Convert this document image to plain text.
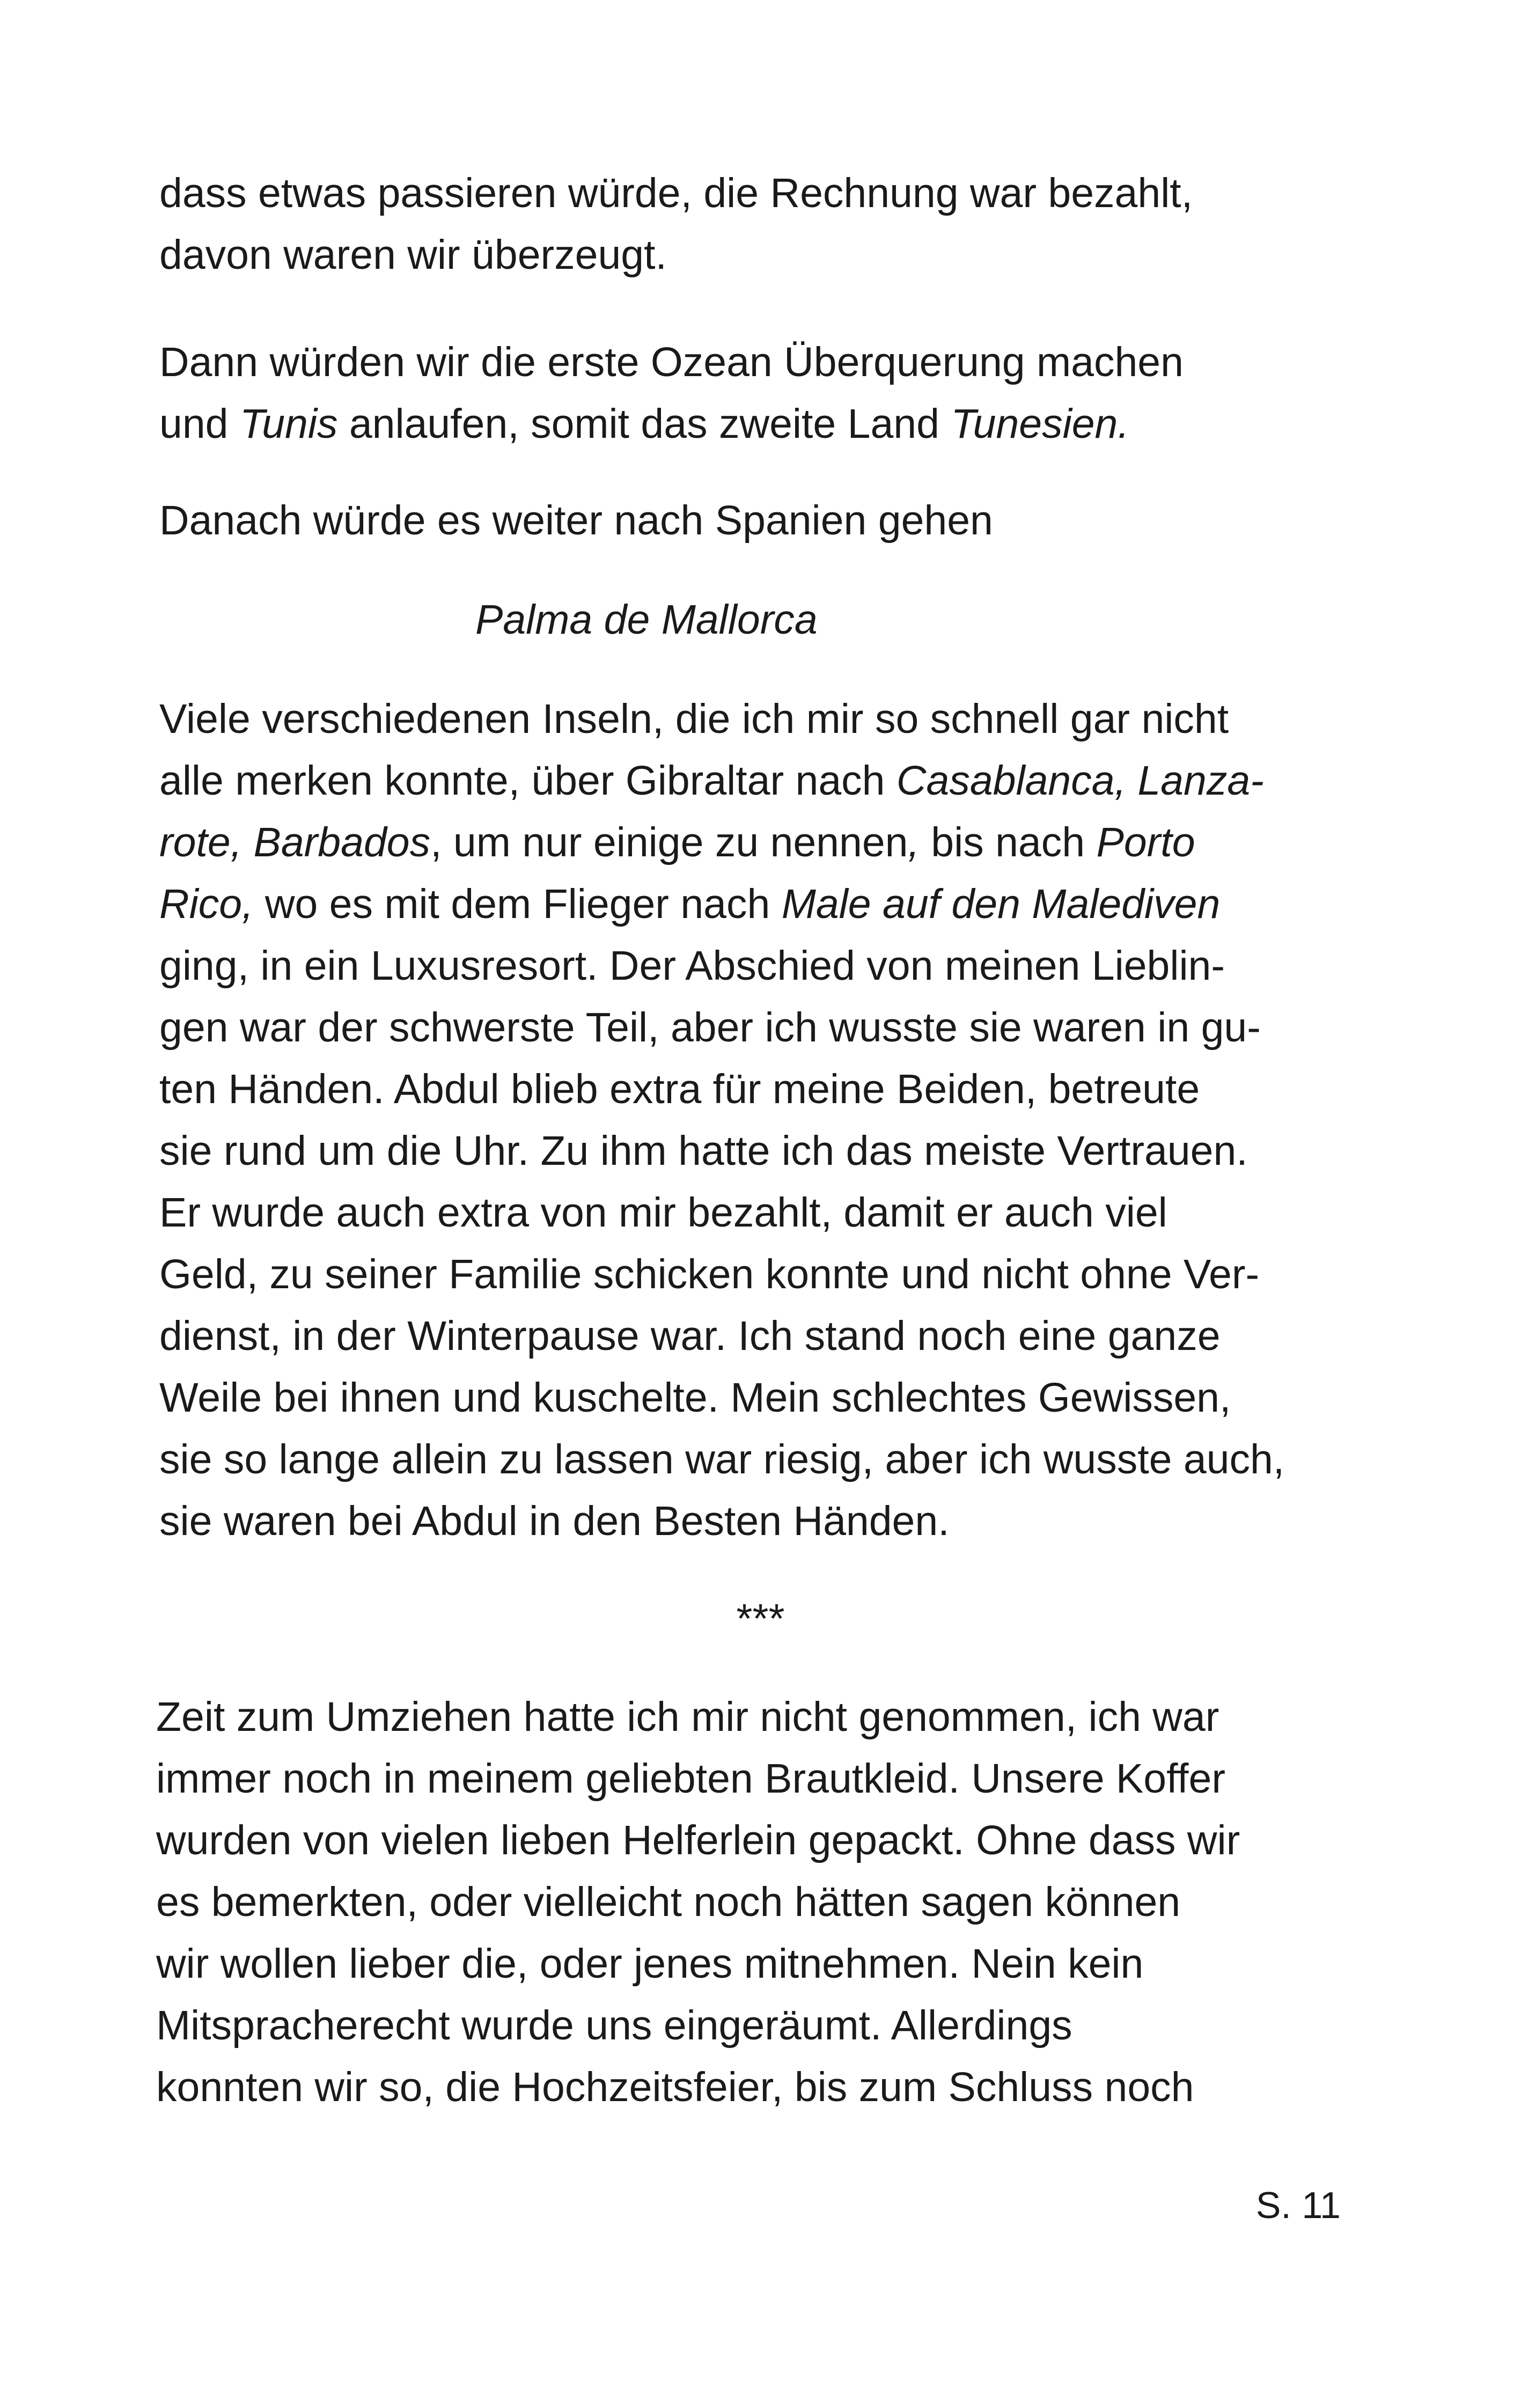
dass etwas passieren würde, die Rechnung war bezahlt,

davon waren wir überzeugt.

Dann würden wir die erste Ozean Überquerung machen

und Tunis anlaufen, somit das zweite Land Tunesien.

Danach würde es weiter nach Spanien gehen

Palma de Mallorca

Viele verschiedenen Inseln, die ich mir so schnell gar nicht

alle merken konnte, über Gibraltar nach Casablanca, Lanza-

rote, Barbados, um nur einige zu nennen, bis nach Porto

Rico, wo es mit dem Flieger nach Male auf den Malediven

ging, in ein Luxusresort. Der Abschied von meinen Lieblin-

gen war der schwerste Teil, aber ich wusste sie waren in gu-

ten Händen. Abdul blieb extra für meine Beiden, betreute

sie rund um die Uhr. Zu ihm hatte ich das meiste Vertrauen.

Er wurde auch extra von mir bezahlt, damit er auch viel

Geld, zu seiner Familie schicken konnte und nicht ohne Ver-

dienst, in der Winterpause war. Ich stand noch eine ganze

Weile bei ihnen und kuschelte. Mein schlechtes Gewissen,

sie so lange allein zu lassen war riesig, aber ich wusste auch,

sie waren bei Abdul in den Besten Händen.

Zeit zum Umziehen hatte ich mir nicht genommen, ich war

immer noch in meinem geliebten Brautkleid. Unsere Koffer

wurden von vielen lieben Helferlein gepackt. Ohne dass wir

es bemerkten, oder vielleicht noch hätten sagen können

wir wollen lieber die, oder jenes mitnehmen. Nein kein

Mitspracherecht wurde uns eingeräumt. Allerdings

konnten wir so, die Hochzeitsfeier, bis zum Schluss noch

***

S. 11
